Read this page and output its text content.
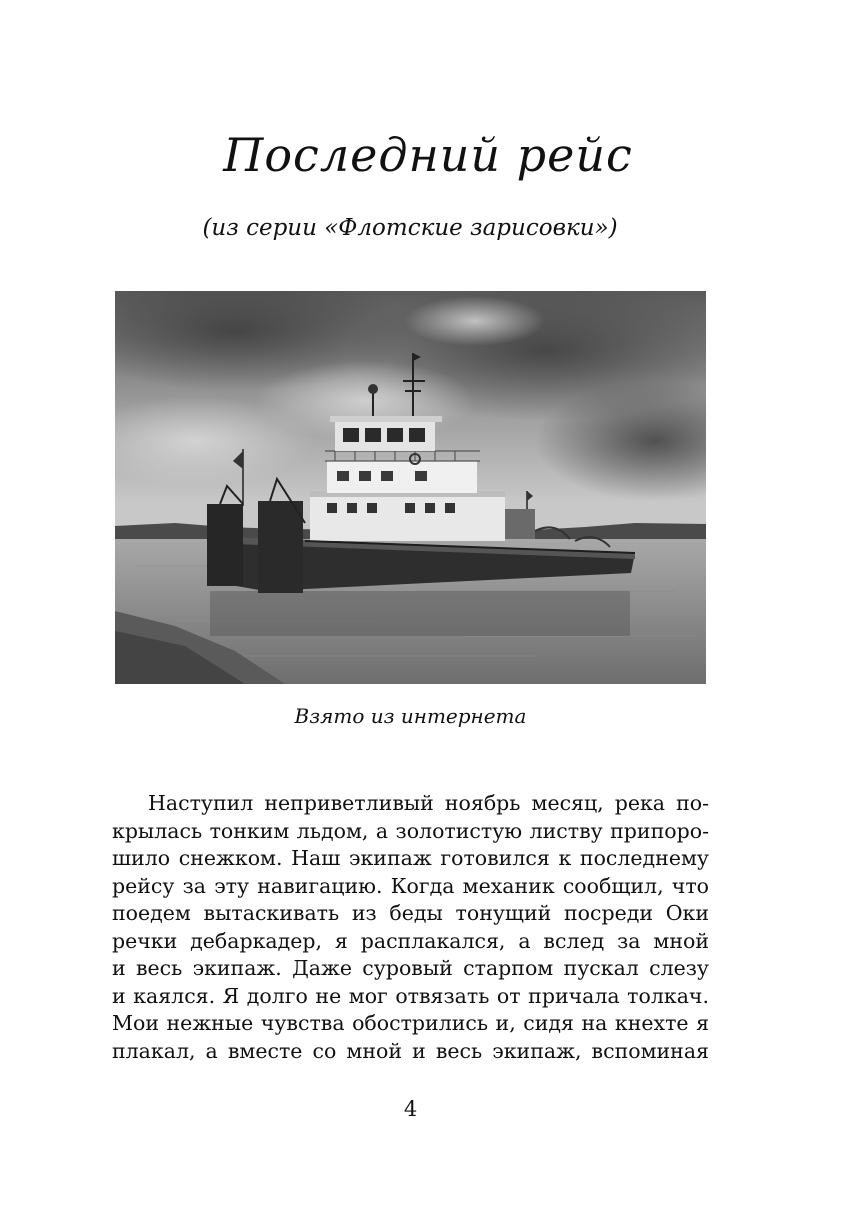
Последний рейс
(из серии «Флотские зарисовки»)
Взято из интернета
Наступил неприветливый ноябрь месяц, река по-
крылась тонким льдом, а золотистую листву припоро-
шило снежком. Наш экипаж готовился к последнему
рейсу за эту навигацию. Когда механик сообщил, что
поедем вытаскивать из беды тонущий посреди Оки
речки дебаркадер, я расплакался, а вслед за мной
и весь экипаж. Даже суровый старпом пускал слезу
и каялся. Я долго не мог отвязать от причала толкач.
Мои нежные чувства обострились и, сидя на кнехте я
плакал, а вместе со мной и весь экипаж, вспоминая
4
